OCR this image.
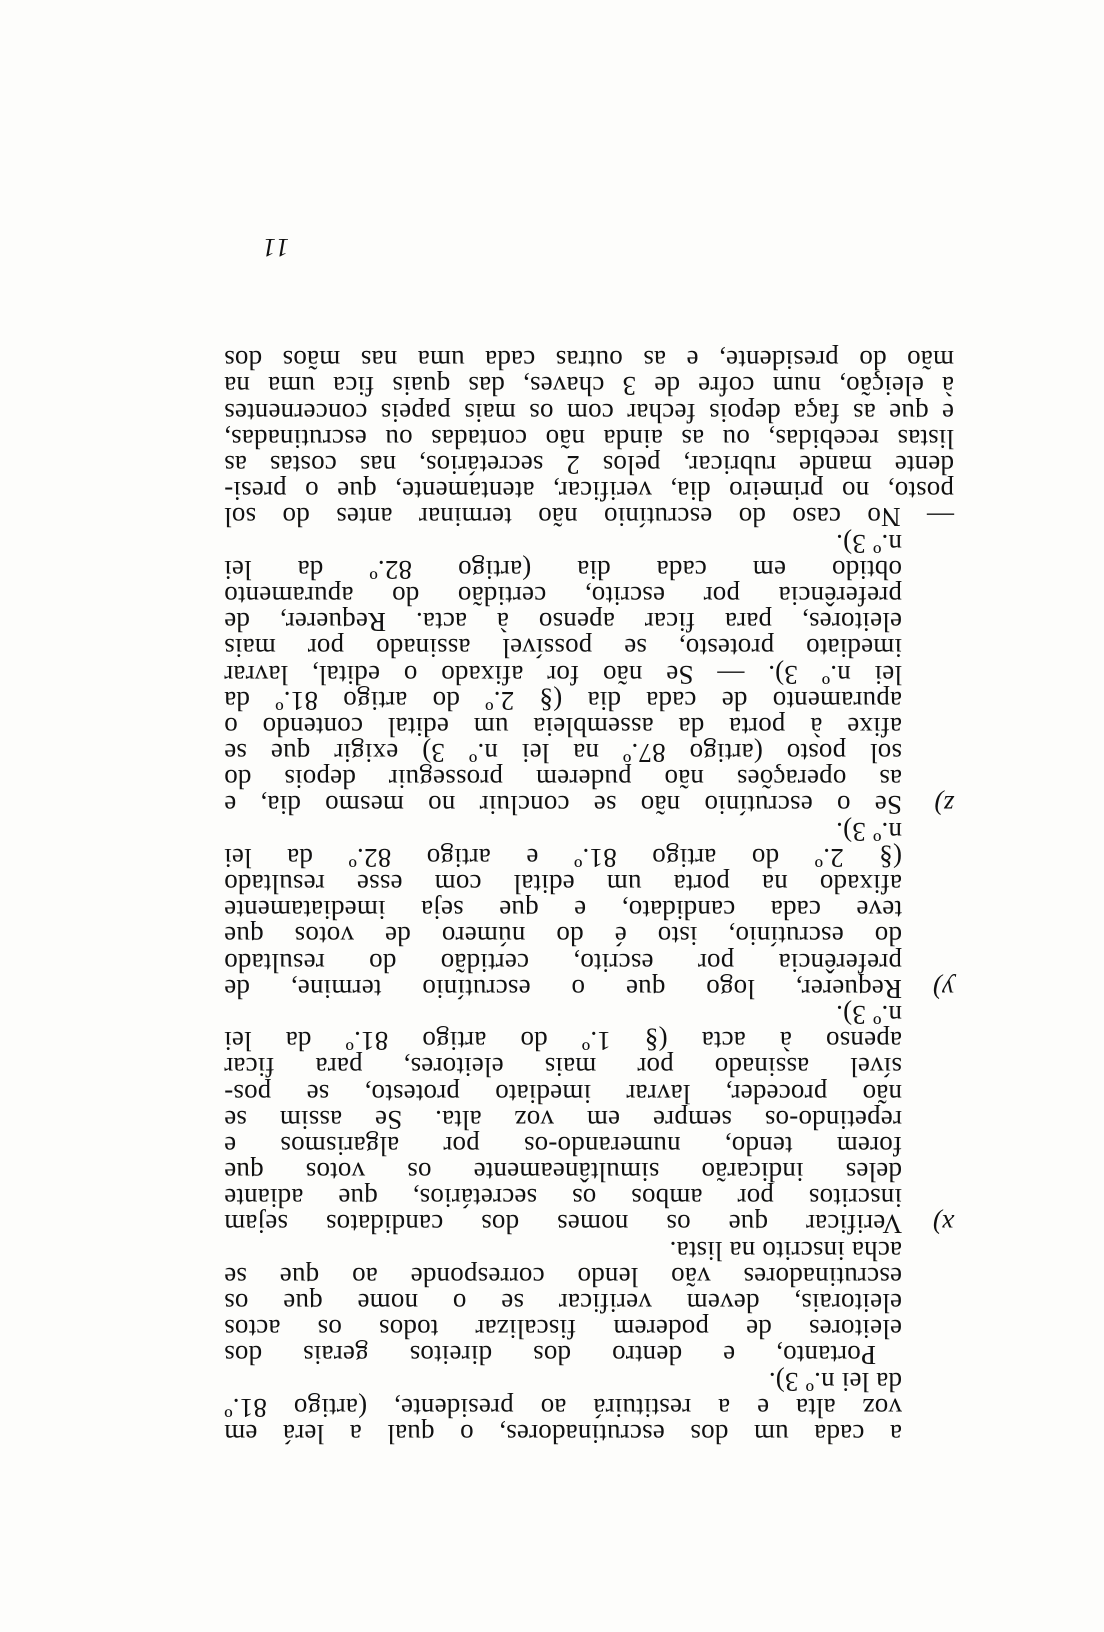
a cada um dos escrutinadores, o qual a lerá em
voz alta e a restituirá ao presidente, (artigo 81.º
da lei n.º 3).
Portanto, e dentro dos direitos gerais dos
eleitores de poderem fiscalizar todos os actos
eleitorais, devem verificar se o nome que os
escrutinadores vão lendo corresponde ao que se
acha inscrito na lista.
x)
Verificar que os nomes dos candidatos sejam
inscritos por ambos os secretários, que adiante
deles indicarão simultâneamente os votos que
forem tendo, numerando-os por algarismos e
repetindo-os sempre em voz alta. Se assim se
não proceder, lavrar imediato protesto, se pos-
sível assinado por mais eleitores, para ficar
apenso à acta (§ 1.º do artigo 81.º da lei
n.º 3).
y)
Requerer, logo que o escrutínio termine, de
preferência por escrito, certidão do resultado
do escrutínio, isto é do número de votos que
teve cada candidato, e que seja imediatamente
afixado na porta um edital com esse resultado
(§ 2.º do artigo 81.º e artigo 82.º da lei
n.º 3).
z)
Se o escrutínio não se concluir no mesmo dia, e
as operações não puderem prosseguir depois do
sol posto (artigo 87.º na lei n.º 3) exigir que se
afixe à porta da assembleia um edital contendo o
apuramento de cada dia (§ 2.º do artigo 81.º da
lei n.º 3). — Se não for afixado o edital, lavrar
imediato protesto, se possível assinado por mais
eleitores, para ficar apenso à acta. Requerer, de
preferência por escrito, certidão do apuramento
obtido em cada dia (artigo 82.º da lei
n.º 3).
— No caso do escrutínio não terminar antes do sol
posto, no primeiro dia, verificar, atentamente, que o presi-
dente mande rubricar, pelos 2 secretários, nas costas as
listas recebidas, ou as ainda não contadas ou escrutinadas,
e que as faça depois fechar com os mais papeis concernentes
à eleição, num cofre de 3 chaves, das quais fica uma na
mão do presidente, e as outras cada uma nas mãos dos
11
